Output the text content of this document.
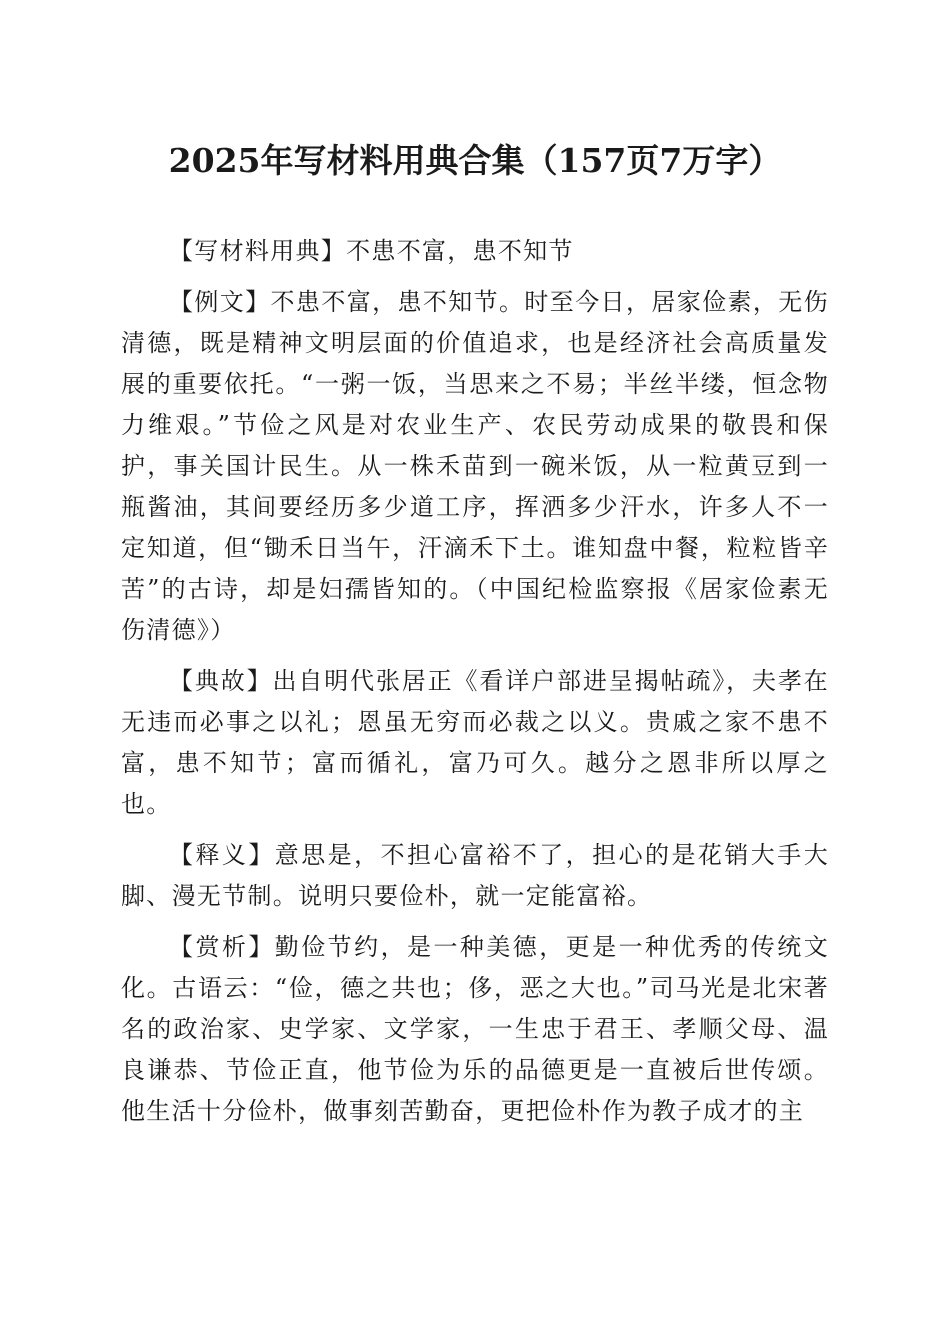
2025年写材料用典合集（157页7万字）

【写材料用典】不患不富，患不知节

【例文】不患不富，患不知节。时至今日，居家俭素，无伤清德，既是精神文明层面的价值追求，也是经济社会高质量发展的重要依托。“一粥一饭，当思来之不易；半丝半缕，恒念物力维艰。”节俭之风是对农业生产、农民劳动成果的敬畏和保护，事关国计民生。从一株禾苗到一碗米饭，从一粒黄豆到一瓶酱油，其间要经历多少道工序，挥洒多少汗水，许多人不一定知道，但“锄禾日当午，汗滴禾下土。谁知盘中餐，粒粒皆辛苦”的古诗，却是妇孺皆知的。（中国纪检监察报《居家俭素无伤清德》）

【典故】出自明代张居正《看详户部进呈揭帖疏》，夫孝在无违而必事之以礼；恩虽无穷而必裁之以义。贵戚之家不患不富，患不知节；富而循礼，富乃可久。越分之恩非所以厚之也。

【释义】意思是，不担心富裕不了，担心的是花销大手大脚、漫无节制。说明只要俭朴，就一定能富裕。

【赏析】勤俭节约，是一种美德，更是一种优秀的传统文化。古语云：“俭，德之共也；侈，恶之大也。”司马光是北宋著名的政治家、史学家、文学家，一生忠于君王、孝顺父母、温良谦恭、节俭正直，他节俭为乐的品德更是一直被后世传颂。他生活十分俭朴，做事刻苦勤奋，更把俭朴作为教子成才的主
